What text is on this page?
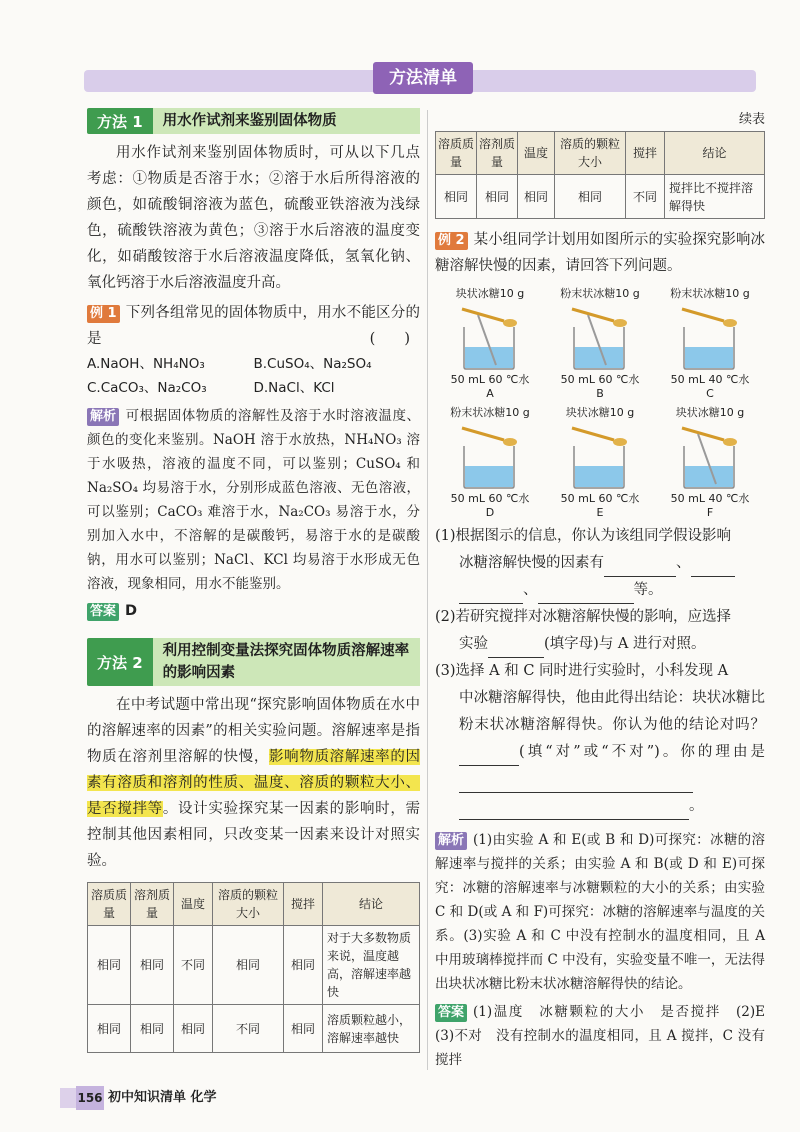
方法清单
方法 1	用水作试剂来鉴别固体物质

用水作试剂来鉴别固体物质时，可从以下几点考虑：①物质是否溶于水；②溶于水后所得溶液的颜色，如硫酸铜溶液为蓝色，硫酸亚铁溶液为浅绿色，硫酸铁溶液为黄色；③溶于水后溶液的温度变化，如硝酸铵溶于水后溶液温度降低，氢氧化钠、氧化钙溶于水后溶液温度升高。

例 1 下列各组常见的固体物质中，用水不能区分的是	(　　)

A.NaOH、NH₄NO₃	B.CuSO₄、Na₂SO₄
C.CaCO₃、Na₂CO₃	D.NaCl、KCl

解析 可根据固体物质的溶解性及溶于水时溶液温度、颜色的变化来鉴别。NaOH 溶于水放热，NH₄NO₃ 溶于水吸热，溶液的温度不同，可以鉴别；CuSO₄ 和 Na₂SO₄ 均易溶于水，分别形成蓝色溶液、无色溶液，可以鉴别；CaCO₃ 难溶于水，Na₂CO₃ 易溶于水，分别加入水中，不溶解的是碳酸钙，易溶于水的是碳酸钠，用水可以鉴别；NaCl、KCl 均易溶于水形成无色溶液，现象相同，用水不能鉴别。

答案 D

方法 2
利用控制变量法探究固体物质溶解速率的影响因素

在中考试题中常出现“探究影响固体物质在水中的溶解速率的因素”的相关实验问题。溶解速率是指物质在溶剂里溶解的快慢，影响物质溶解速率的因素有溶质和溶剂的性质、温度、溶质的颗粒大小、是否搅拌等。设计实验探究某一因素的影响时，需控制其他因素相同，只改变某一因素来设计对照实验。

溶质质量	溶剂质量	温度	溶质的颗粒大小	搅拌	结论
相同	相同	不同	相同	相同	对于大多数物质来说，温度越高，溶解速率越快
相同	相同	相同	不同	相同	溶质颗粒越小，溶解速率越快
续表
溶质质量	溶剂质量	温度	溶质的颗粒大小	搅拌	结论
相同	相同	相同	相同	不同	搅拌比不搅拌溶解得快

例 2 某小组同学计划用如图所示的实验探究影响冰糖溶解快慢的因素，请回答下列问题。

块状冰糖10 g
50 mL 60 ℃水
A
粉末状冰糖10 g
50 mL 60 ℃水
B
粉末状冰糖10 g
50 mL 40 ℃水
C
粉末状冰糖10 g
50 mL 60 ℃水
D
块状冰糖10 g
50 mL 60 ℃水
E
块状冰糖10 g
50 mL 40 ℃水
F

(1)根据图示的信息，你认为该组同学假设影响
冰糖溶解快慢的因素有	、
、	等。

(2)若研究搅拌对冰糖溶解快慢的影响，应选择
实验	(填字母)与 A 进行对照。

(3)选择 A 和 C 同时进行实验时，小科发现 A
中冰糖溶解得快，他由此得出结论：块状冰糖比粉末状冰糖溶解得快。你认为他的结论对吗？(填“对”或“不对”)。你的理由是。

解析 (1)由实验 A 和 E(或 B 和 D)可探究：冰糖的溶解速率与搅拌的关系；由实验 A 和 B(或 D 和 E)可探究：冰糖的溶解速率与冰糖颗粒的大小的关系；由实验 C 和 D(或 A 和 F)可探究：冰糖的溶解速率与温度的关系。(3)实验 A 和 C 中没有控制水的温度相同，且 A 中用玻璃棒搅拌而 C 中没有，实验变量不唯一，无法得出块状冰糖比粉末状冰糖溶解得快的结论。

答案 (1)温度　冰糖颗粒的大小　是否搅拌　(2)E　(3)不对　没有控制水的温度相同，且 A 搅拌，C 没有搅拌

156 初中知识清单 化学
